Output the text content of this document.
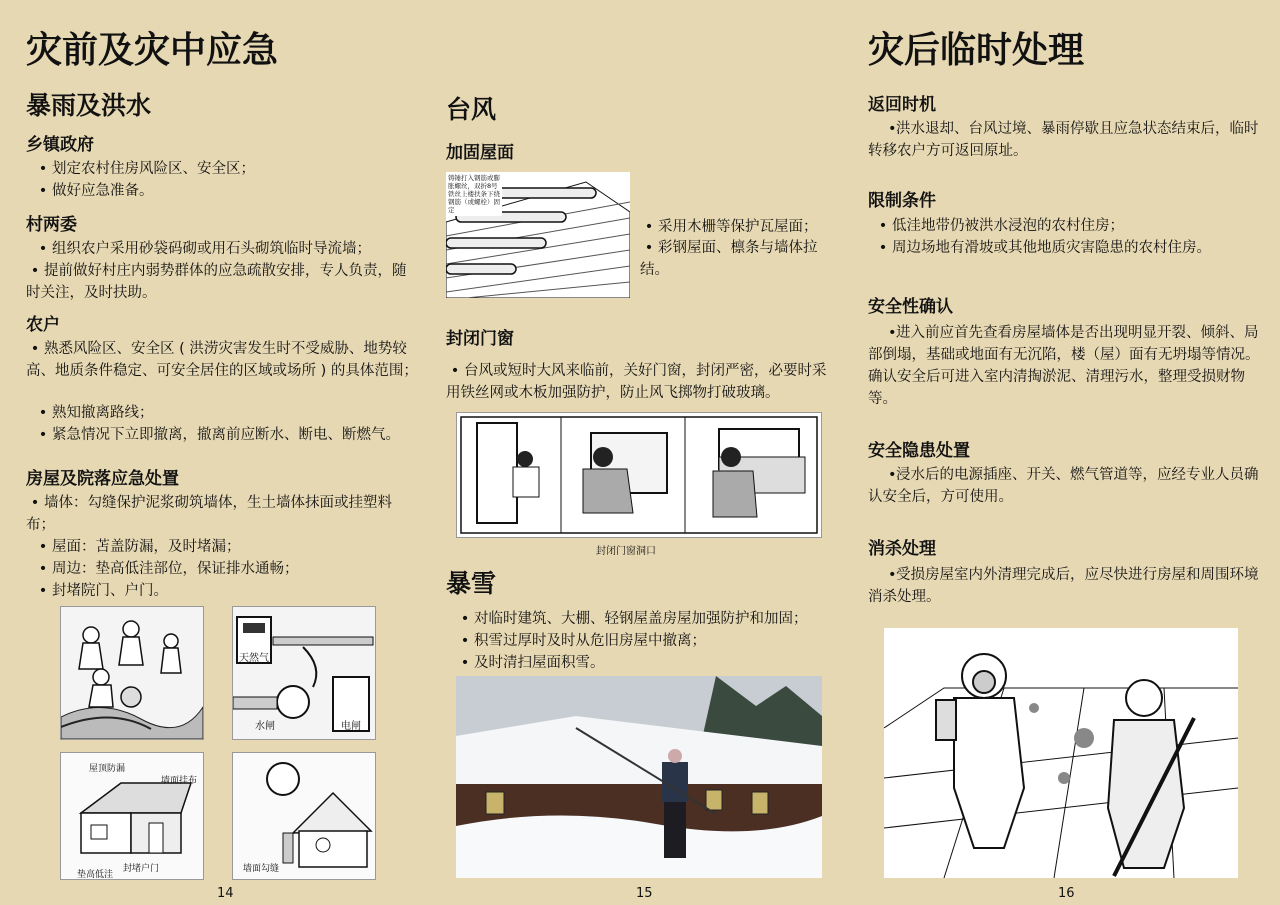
灾前及灾中应急
暴雨及洪水
乡镇政府
• 划定农村住房风险区、安全区；
• 做好应急准备。
村两委
• 组织农户采用砂袋码砌或用石头砌筑临时导流墙；
• 提前做好村庄内弱势群体的应急疏散安排，专人负责，随时关注，及时扶助。
农户
• 熟悉风险区、安全区 ( 洪涝灾害发生时不受威胁、地势较高、地质条件稳定、可安全居住的区域或场所 ) 的具体范围；
• 熟知撤离路线；
• 紧急情况下立即撤离，撤离前应断水、断电、断燃气。
房屋及院落应急处置
• 墙体：勾缝保护泥浆砌筑墙体，生土墙体抹面或挂塑料布；
• 屋面：苫盖防漏，及时堵漏；
• 周边：垫高低洼部位，保证排水通畅；
• 封堵院门、户门。
天然气
水闸	电闸
屋顶防漏
墙面挂布
垫高低洼
封堵户门	墙面勾缝
14
台风
加固屋面
铸锤打入钢筋或膨胀螺丝，双折8号铁丝上楼扶条下绕钢筋（或螺栓）固定
• 采用木栅等保护瓦屋面；
• 彩钢屋面、檩条与墙体拉结。
封闭门窗
• 台风或短时大风来临前，关好门窗，封闭严密，必要时采用铁丝网或木板加强防护，防止风飞掷物打破玻璃。
封闭门窗洞口
暴雪
• 对临时建筑、大棚、轻钢屋盖房屋加强防护和加固；
• 积雪过厚时及时从危旧房屋中撤离；
• 及时清扫屋面积雪。
15
灾后临时处理
返回时机
•洪水退却、台风过境、暴雨停歇且应急状态结束后，临时转移农户方可返回原址。
限制条件
• 低洼地带仍被洪水浸泡的农村住房；
• 周边场地有滑坡或其他地质灾害隐患的农村住房。
安全性确认
•进入前应首先查看房屋墙体是否出现明显开裂、倾斜、局部倒塌，基础或地面有无沉陷，楼（屋）面有无坍塌等情况。确认安全后可进入室内清掏淤泥、清理污水，整理受损财物等。
安全隐患处置
•浸水后的电源插座、开关、燃气管道等，应经专业人员确认安全后，方可使用。
消杀处理
•受损房屋室内外清理完成后，应尽快进行房屋和周围环境消杀处理。
16
